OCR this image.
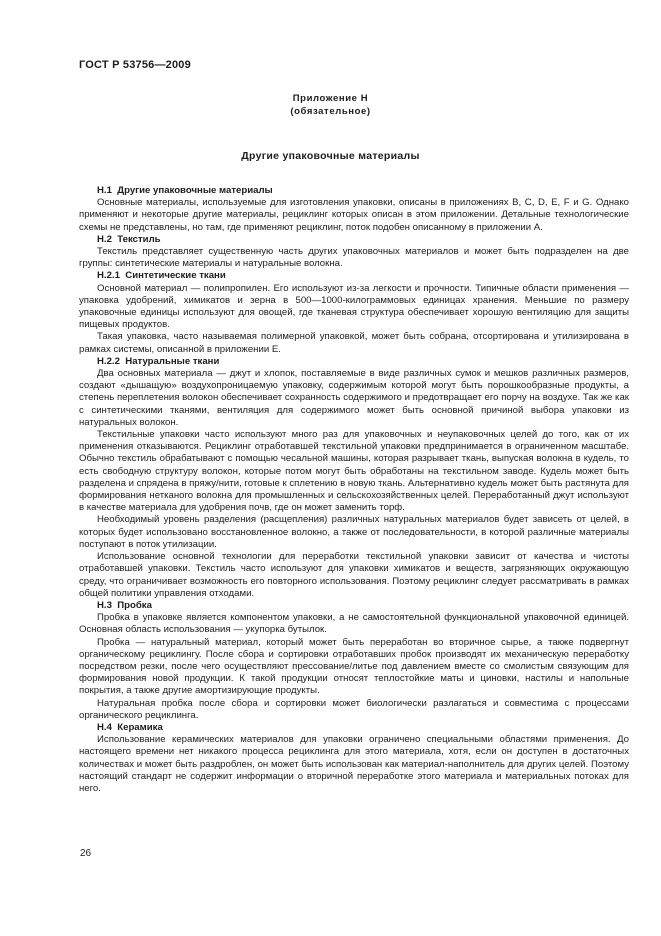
ГОСТ Р 53756—2009
Приложение Н
(обязательное)
Другие упаковочные материалы
Н.1  Другие упаковочные материалы

Основные материалы, используемые для изготовления упаковки, описаны в приложениях B, C, D, E, F и G. Однако применяют и некоторые другие материалы, рециклинг которых описан в этом приложении. Детальные технологические схемы не представлены, но там, где применяют рециклинг, поток подобен описанному в приложении А.

Н.2  Текстиль

Текстиль представляет существенную часть других упаковочных материалов и может быть подразделен на две группы: синтетические материалы и натуральные волокна.

Н.2.1  Синтетические ткани

Основной материал — полипропилен. Его используют из-за легкости и прочности. Типичные области применения — упаковка удобрений, химикатов и зерна в 500—1000-килограммовых единицах хранения. Меньшие по размеру упаковочные единицы используют для овощей, где тканевая структура обеспечивает хорошую вентиляцию для защиты пищевых продуктов.

Такая упаковка, часто называемая полимерной упаковкой, может быть собрана, отсортирована и утилизирована в рамках системы, описанной в приложении Е.

Н.2.2  Натуральные ткани

Два основных материала — джут и хлопок, поставляемые в виде различных сумок и мешков различных размеров, создают «дышащую» воздухопроницаемую упаковку, содержимым которой могут быть порошкообразные продукты, а степень переплетения волокон обеспечивает сохранность содержимого и предотвращает его порчу на воздухе. Так же как с синтетическими тканями, вентиляция для содержимого может быть основной причиной выбора упаковки из натуральных волокон.

Текстильные упаковки часто используют много раз для упаковочных и неупаковочных целей до того, как от их применения отказываются. Рециклинг отработавшей текстильной упаковки предпринимается в ограниченном масштабе. Обычно текстиль обрабатывают с помощью чесальной машины, которая разрывает ткань, выпуская волокна в кудель, то есть свободную структуру волокон, которые потом могут быть обработаны на текстильном заводе. Кудель может быть разделена и спрядена в пряжу/нити, готовые к сплетению в новую ткань. Альтернативно кудель может быть растянута для формирования нетканого волокна для промышленных и сельскохозяйственных целей. Переработанный джут используют в качестве материала для удобрения почв, где он может заменить торф.

Необходимый уровень разделения (расщепления) различных натуральных материалов будет зависеть от целей, в которых будет использовано восстановленное волокно, а также от последовательности, в которой различные материалы поступают в поток утилизации.

Использование основной технологии для переработки текстильной упаковки зависит от качества и чистоты отработавшей упаковки. Текстиль часто используют для упаковки химикатов и веществ, загрязняющих окружающую среду, что ограничивает возможность его повторного использования. Поэтому рециклинг следует рассматривать в рамках общей политики управления отходами.

Н.3  Пробка

Пробка в упаковке является компонентом упаковки, а не самостоятельной функциональной упаковочной единицей. Основная область использования — укупорка бутылок.

Пробка — натуральный материал, который может быть переработан во вторичное сырье, а также подвергнут органическому рециклингу. После сбора и сортировки отработавших пробок производят их механическую переработку посредством резки, после чего осуществляют прессование/литье под давлением вместе со смолистым связующим для формирования новой продукции. К такой продукции относят теплостойкие маты и циновки, настилы и напольные покрытия, а также другие амортизирующие продукты.

Натуральная пробка после сбора и сортировки может биологически разлагаться и совместима с процессами органического рециклинга.

Н.4  Керамика

Использование керамических материалов для упаковки ограничено специальными областями применения. До настоящего времени нет никакого процесса рециклинга для этого материала, хотя, если он доступен в достаточных количествах и может быть раздроблен, он может быть использован как материал-наполнитель для других целей. Поэтому настоящий стандарт не содержит информации о вторичной переработке этого материала и материальных потоках для него.

26
